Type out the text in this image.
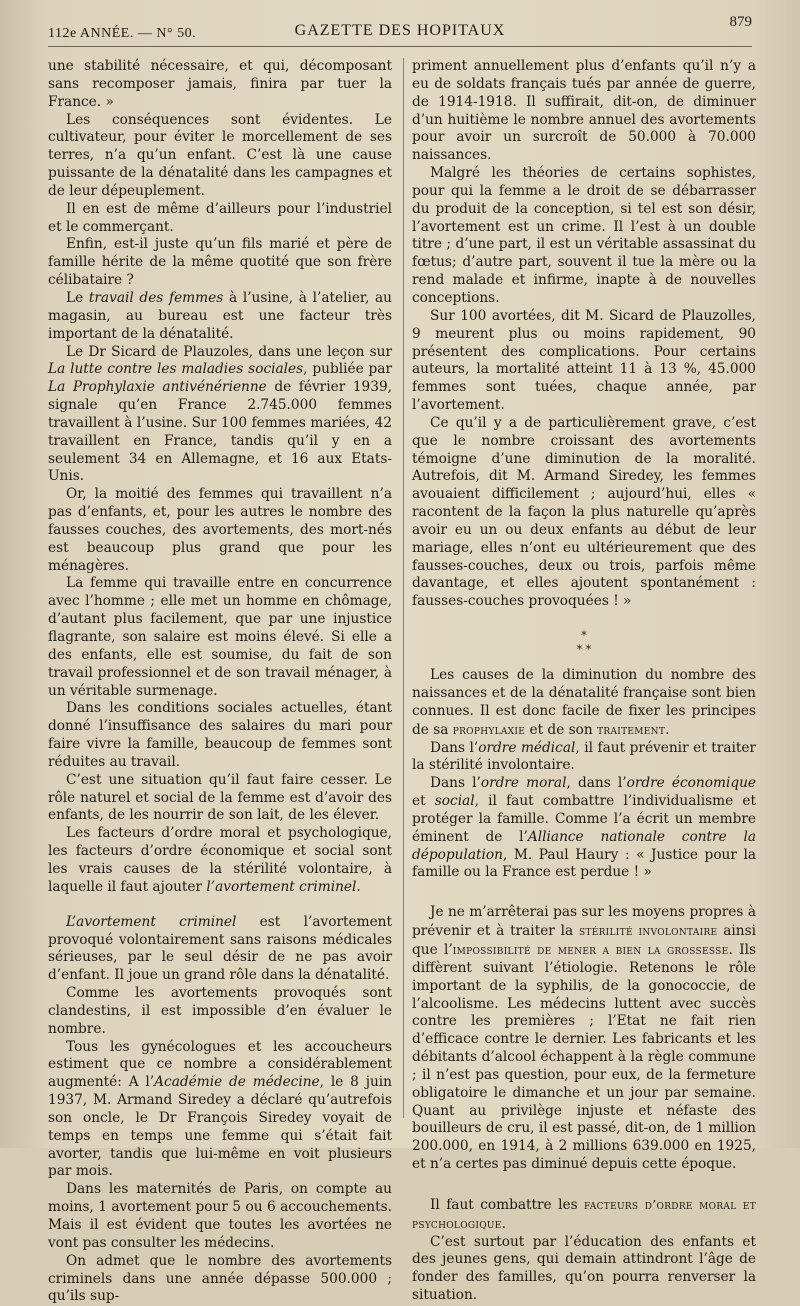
112e ANNÉE. — N° 50.	GAZETTE DES HOPITAUX	879

une stabilité nécessaire, et qui, décomposant sans recomposer jamais, finira par tuer la France. »

Les conséquences sont évidentes. Le cultivateur, pour éviter le morcellement de ses terres, n’a qu’un enfant. C’est là une cause puissante de la dénatalité dans les campagnes et de leur dépeuplement.

Il en est de même d’ailleurs pour l’industriel et le commerçant.

Enfin, est-il juste qu’un fils marié et père de famille hérite de la même quotité que son frère célibataire ?

Le travail des femmes à l’usine, à l’atelier, au magasin, au bureau est une facteur très important de la dénatalité.

Le Dr Sicard de Plauzoles, dans une leçon sur La lutte contre les maladies sociales, publiée par La Prophylaxie antivénérienne de février 1939, signale qu’en France 2.745.000 femmes travaillent à l’usine. Sur 100 femmes mariées, 42 travaillent en France, tandis qu’il y en a seulement 34 en Allemagne, et 16 aux Etats-Unis.

Or, la moitié des femmes qui travaillent n’a pas d’enfants, et, pour les autres le nombre des fausses couches, des avortements, des mort-nés est beaucoup plus grand que pour les ménagères.

La femme qui travaille entre en concurrence avec l’homme ; elle met un homme en chômage, d’autant plus facilement, que par une injustice flagrante, son salaire est moins élevé. Si elle a des enfants, elle est soumise, du fait de son travail professionnel et de son travail ménager, à un véritable surmenage.

Dans les conditions sociales actuelles, étant donné l’insuffisance des salaires du mari pour faire vivre la famille, beaucoup de femmes sont réduites au travail.

C’est une situation qu’il faut faire cesser. Le rôle naturel et social de la femme est d’avoir des enfants, de les nourrir de son lait, de les élever.

Les facteurs d’ordre moral et psychologique, les facteurs d’ordre économique et social sont les vrais causes de la stérilité volontaire, à laquelle il faut ajouter l’avortement criminel.

L’avortement criminel est l’avortement provoqué volontairement sans raisons médicales sérieuses, par le seul désir de ne pas avoir d’enfant. Il joue un grand rôle dans la dénatalité.

Comme les avortements provoqués sont clandestins, il est impossible d’en évaluer le nombre.

Tous les gynécologues et les accoucheurs estiment que ce nombre a considérablement augmenté: A l’Académie de médecine, le 8 juin 1937, M. Armand Siredey a déclaré qu’autrefois son oncle, le Dr François Siredey voyait de temps en temps une femme qui s’était fait avorter, tandis que lui-même en voit plusieurs par mois.

Dans les maternités de Paris, on compte au moins, 1 avortement pour 5 ou 6 accouchements. Mais il est évident que toutes les avortées ne vont pas consulter les médecins.

On admet que le nombre des avortements criminels dans une année dépasse 500.000 ; qu’ils sup-

priment annuellement plus d’enfants qu’il n’y a eu de soldats français tués par année de guerre, de 1914-1918. Il suffirait, dit-on, de diminuer d’un huitième le nombre annuel des avortements pour avoir un surcroît de 50.000 à 70.000 naissances.

Malgré les théories de certains sophistes, pour qui la femme a le droit de se débarrasser du produit de la conception, si tel est son désir, l’avortement est un crime. Il l’est à un double titre ; d’une part, il est un véritable assassinat du fœtus; d’autre part, souvent il tue la mère ou la rend malade et infirme, inapte à de nouvelles conceptions.

Sur 100 avortées, dit M. Sicard de Plauzolles, 9 meurent plus ou moins rapidement, 90 présentent des complications. Pour certains auteurs, la mortalité atteint 11 à 13 %, 45.000 femmes sont tuées, chaque année, par l’avortement.

Ce qu’il y a de particulièrement grave, c’est que le nombre croissant des avortements témoigne d’une diminution de la moralité. Autrefois, dit M. Armand Siredey, les femmes avouaient difficilement ; aujourd’hui, elles « racontent de la façon la plus naturelle qu’après avoir eu un ou deux enfants au début de leur mariage, elles n’ont eu ultérieurement que des fausses-couches, deux ou trois, parfois même davantage, et elles ajoutent spontanément : fausses-couches provoquées ! »

*
* *

Les causes de la diminution du nombre des naissances et de la dénatalité française sont bien connues. Il est donc facile de fixer les principes de sa prophylaxie et de son traitement.

Dans l’ordre médical, il faut prévenir et traiter la stérilité involontaire.

Dans l’ordre moral, dans l’ordre économique et social, il faut combattre l’individualisme et protéger la famille. Comme l’a écrit un membre éminent de l’Alliance nationale contre la dépopulation, M. Paul Haury : « Justice pour la famille ou la France est perdue ! »

Je ne m’arrêterai pas sur les moyens propres à prévenir et à traiter la stérilité involontaire ainsi que l’impossibilité de mener a bien la grossesse. Ils diffèrent suivant l’étiologie. Retenons le rôle important de la syphilis, de la gonococcie, de l’alcoolisme. Les médecins luttent avec succès contre les premières ; l’Etat ne fait rien d’efficace contre le dernier. Les fabricants et les débitants d’alcool échappent à la règle commune ; il n’est pas question, pour eux, de la fermeture obligatoire le dimanche et un jour par semaine. Quant au privilège injuste et néfaste des bouilleurs de cru, il est passé, dit-on, de 1 million 200.000, en 1914, à 2 millions 639.000 en 1925, et n’a certes pas diminué depuis cette époque.

Il faut combattre les facteurs d’ordre moral et psychologique.

C’est surtout par l’éducation des enfants et des jeunes gens, qui demain attindront l’âge de fonder des familles, qu’on pourra renverser la situation.
